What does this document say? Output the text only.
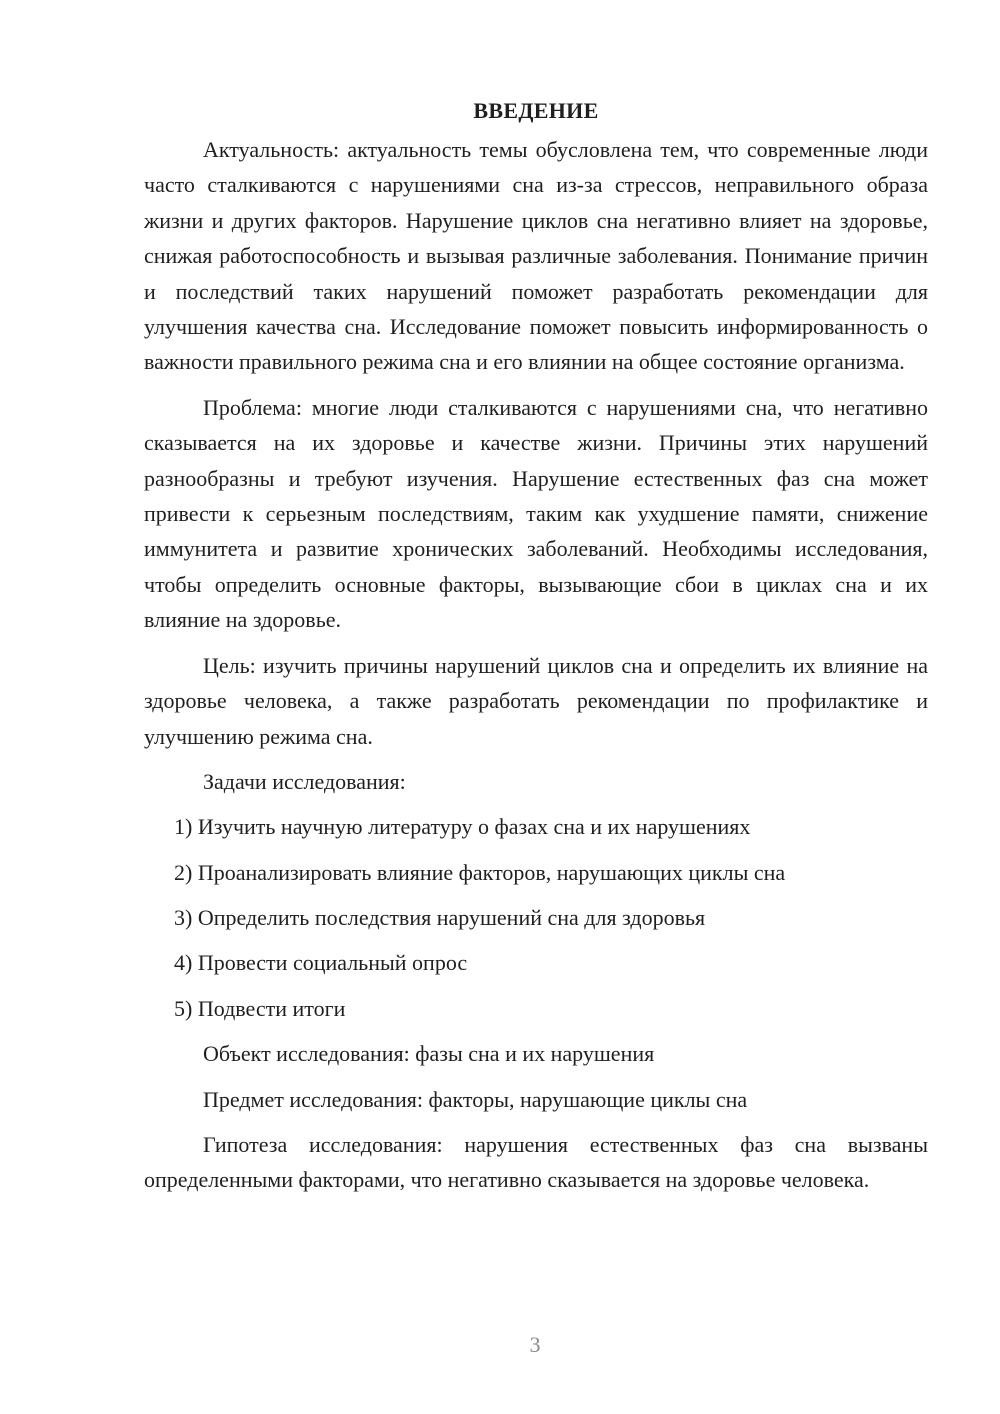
ВВЕДЕНИЕ

Актуальность: актуальность темы обусловлена тем, что современные люди часто сталкиваются с нарушениями сна из-за стрессов, неправильного образа жизни и других факторов. Нарушение циклов сна негативно влияет на здоровье, снижая работоспособность и вызывая различные заболевания. Понимание причин и последствий таких нарушений поможет разработать рекомендации для улучшения качества сна. Исследование поможет повысить информированность о важности правильного режима сна и его влиянии на общее состояние организма.

Проблема: многие люди сталкиваются с нарушениями сна, что негативно сказывается на их здоровье и качестве жизни. Причины этих нарушений разнообразны и требуют изучения. Нарушение естественных фаз сна может привести к серьезным последствиям, таким как ухудшение памяти, снижение иммунитета и развитие хронических заболеваний. Необходимы исследования, чтобы определить основные факторы, вызывающие сбои в циклах сна и их влияние на здоровье.

Цель: изучить причины нарушений циклов сна и определить их влияние на здоровье человека, а также разработать рекомендации по профилактике и улучшению режима сна.

Задачи исследования:

1) Изучить научную литературу о фазах сна и их нарушениях
2) Проанализировать влияние факторов, нарушающих циклы сна
3) Определить последствия нарушений сна для здоровья
4) Провести социальный опрос
5) Подвести итоги

Объект исследования: фазы сна и их нарушения

Предмет исследования: факторы, нарушающие циклы сна

Гипотеза исследования: нарушения естественных фаз сна вызваны определенными факторами, что негативно сказывается на здоровье человека.

3
